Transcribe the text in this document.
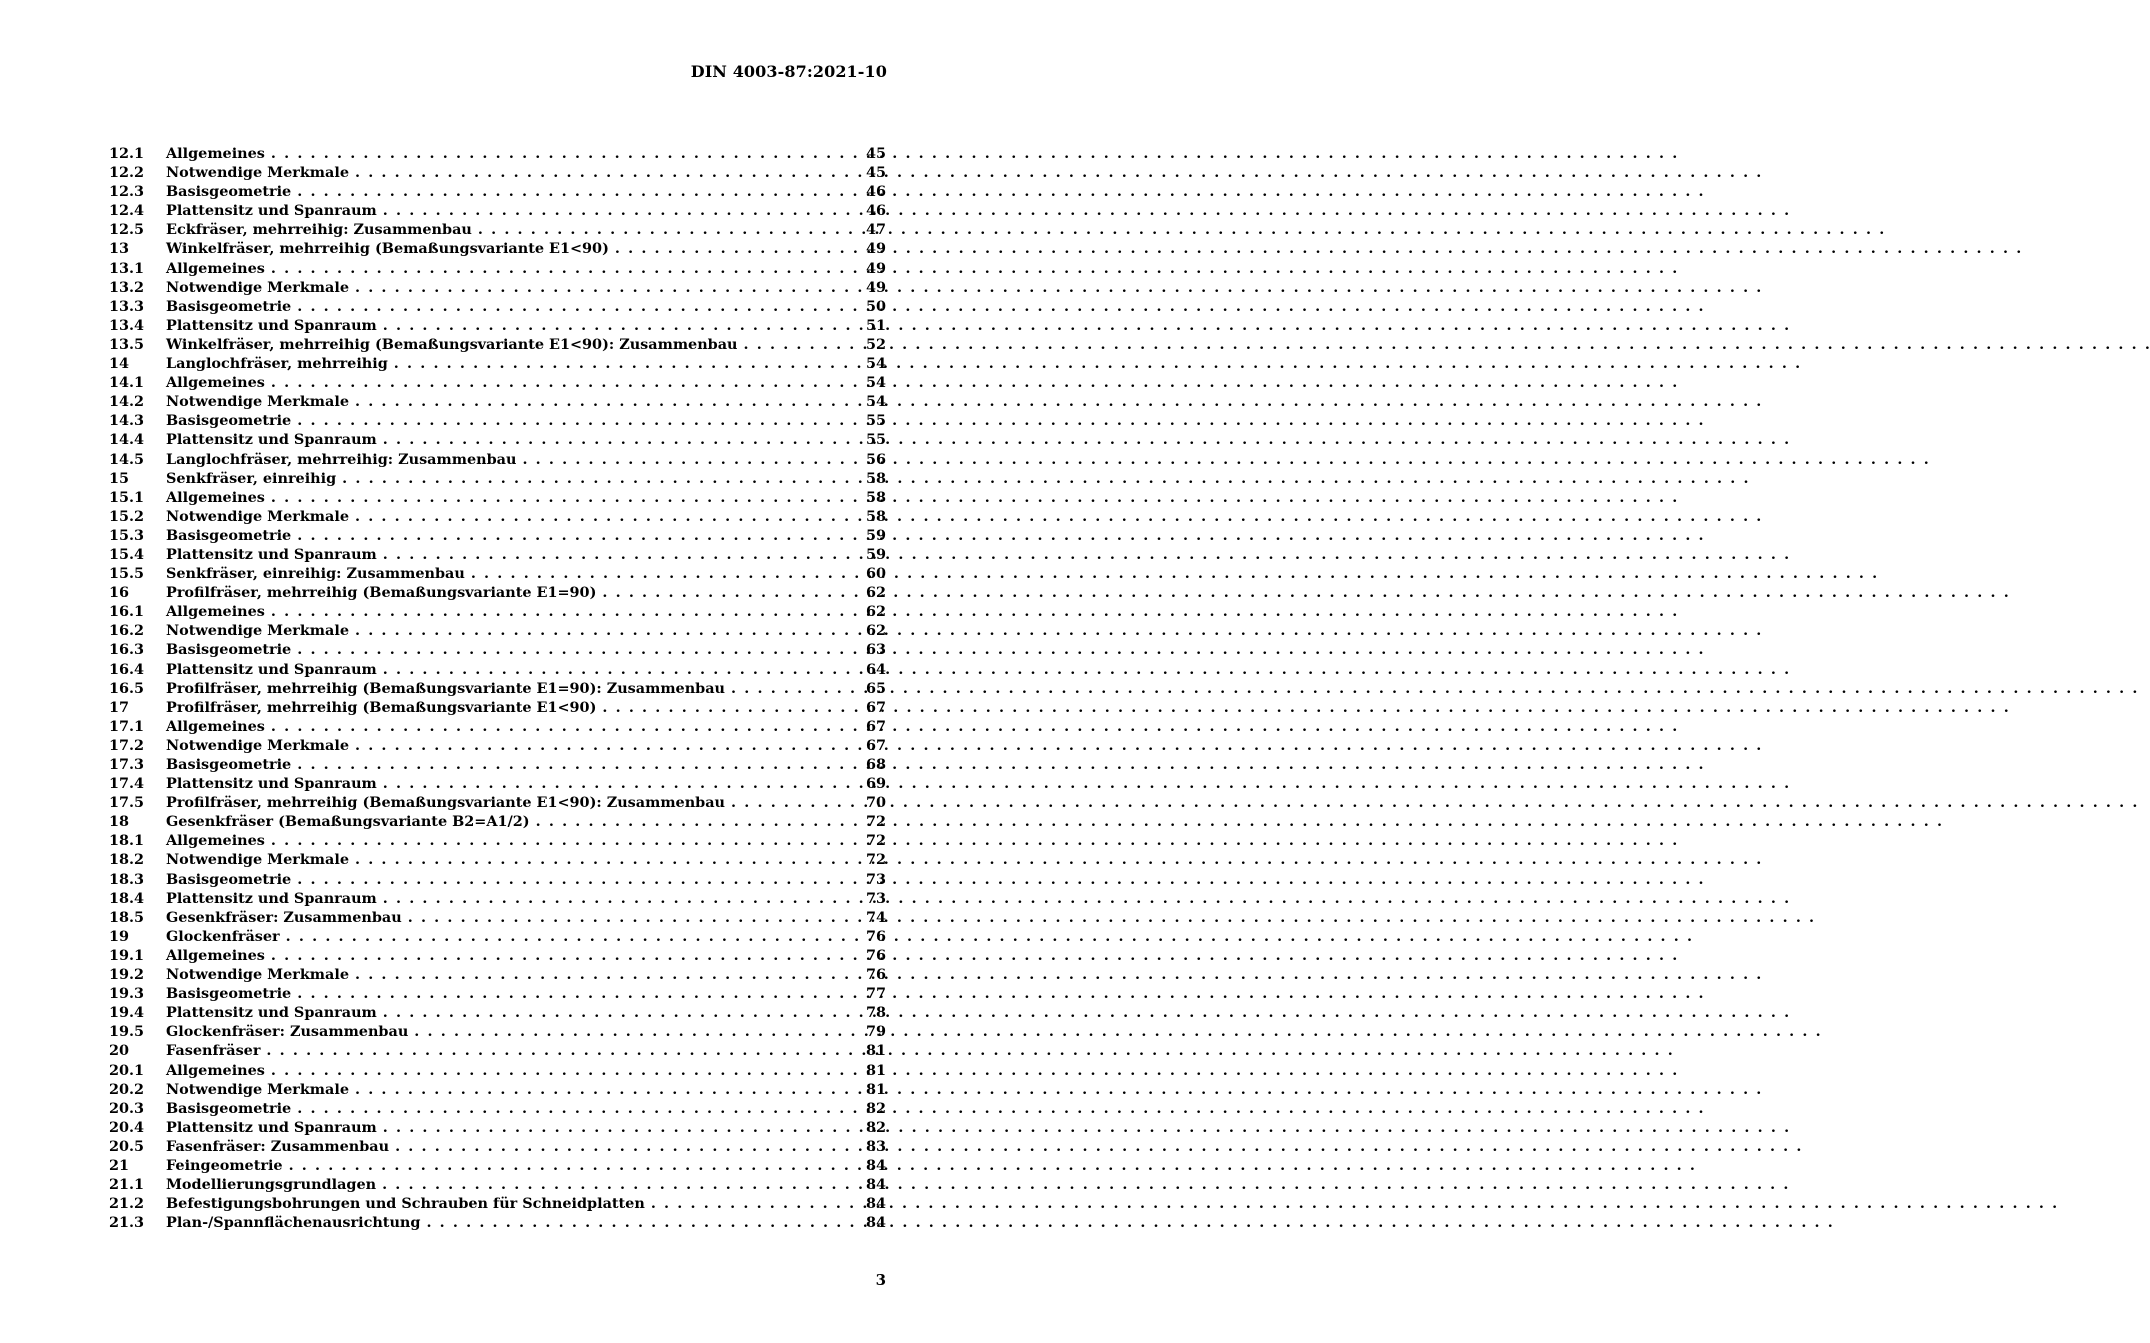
DIN 4003-87:2021-10
12.1	Allgemeines . . .	45
12.2	Notwendige Merkmale . . .	45
12.3	Basisgeometrie . . .	46
12.4	Plattensitz und Spanraum . . .	46
12.5	Eckfräser, mehrreihig: Zusammenbau . . .	47
13	Winkelfräser, mehrreihig (Bemaßungsvariante E1<90) . . .	49
13.1	Allgemeines . . .	49
13.2	Notwendige Merkmale . . .	49
13.3	Basisgeometrie . . .	50
13.4	Plattensitz und Spanraum . . .	51
13.5	Winkelfräser, mehrreihig (Bemaßungsvariante E1<90): Zusammenbau . . .	52
14	Langlochfräser, mehrreihig . . .	54
14.1	Allgemeines . . .	54
14.2	Notwendige Merkmale . . .	54
14.3	Basisgeometrie . . .	55
14.4	Plattensitz und Spanraum . . .	55
14.5	Langlochfräser, mehrreihig: Zusammenbau . . .	56
15	Senkfräser, einreihig . . .	58
15.1	Allgemeines . . .	58
15.2	Notwendige Merkmale . . .	58
15.3	Basisgeometrie . . .	59
15.4	Plattensitz und Spanraum . . .	59
15.5	Senkfräser, einreihig: Zusammenbau . . .	60
16	Profilfräser, mehrreihig (Bemaßungsvariante E1=90) . . .	62
16.1	Allgemeines . . .	62
16.2	Notwendige Merkmale . . .	62
16.3	Basisgeometrie . . .	63
16.4	Plattensitz und Spanraum . . .	64
16.5	Profilfräser, mehrreihig (Bemaßungsvariante E1=90): Zusammenbau . . .	65
17	Profilfräser, mehrreihig (Bemaßungsvariante E1<90) . . .	67
17.1	Allgemeines . . .	67
17.2	Notwendige Merkmale . . .	67
17.3	Basisgeometrie . . .	68
17.4	Plattensitz und Spanraum . . .	69
17.5	Profilfräser, mehrreihig (Bemaßungsvariante E1<90): Zusammenbau . . .	70
18	Gesenkfräser (Bemaßungsvariante B2=A1/2) . . .	72
18.1	Allgemeines . . .	72
18.2	Notwendige Merkmale . . .	72
18.3	Basisgeometrie . . .	73
18.4	Plattensitz und Spanraum . . .	73
18.5	Gesenkfräser: Zusammenbau . . .	74
19	Glockenfräser . . .	76
19.1	Allgemeines . . .	76
19.2	Notwendige Merkmale . . .	76
19.3	Basisgeometrie . . .	77
19.4	Plattensitz und Spanraum . . .	78
19.5	Glockenfräser: Zusammenbau . . .	79
20	Fasenfräser . . .	81
20.1	Allgemeines . . .	81
20.2	Notwendige Merkmale . . .	81
20.3	Basisgeometrie . . .	82
20.4	Plattensitz und Spanraum . . .	82
20.5	Fasenfräser: Zusammenbau . . .	83
21	Feingeometrie . . .	84
21.1	Modellierungsgrundlagen . . .	84
21.2	Befestigungsbohrungen und Schrauben für Schneidplatten . . .	84
21.3	Plan-/Spannflächenausrichtung . . .	84
3
